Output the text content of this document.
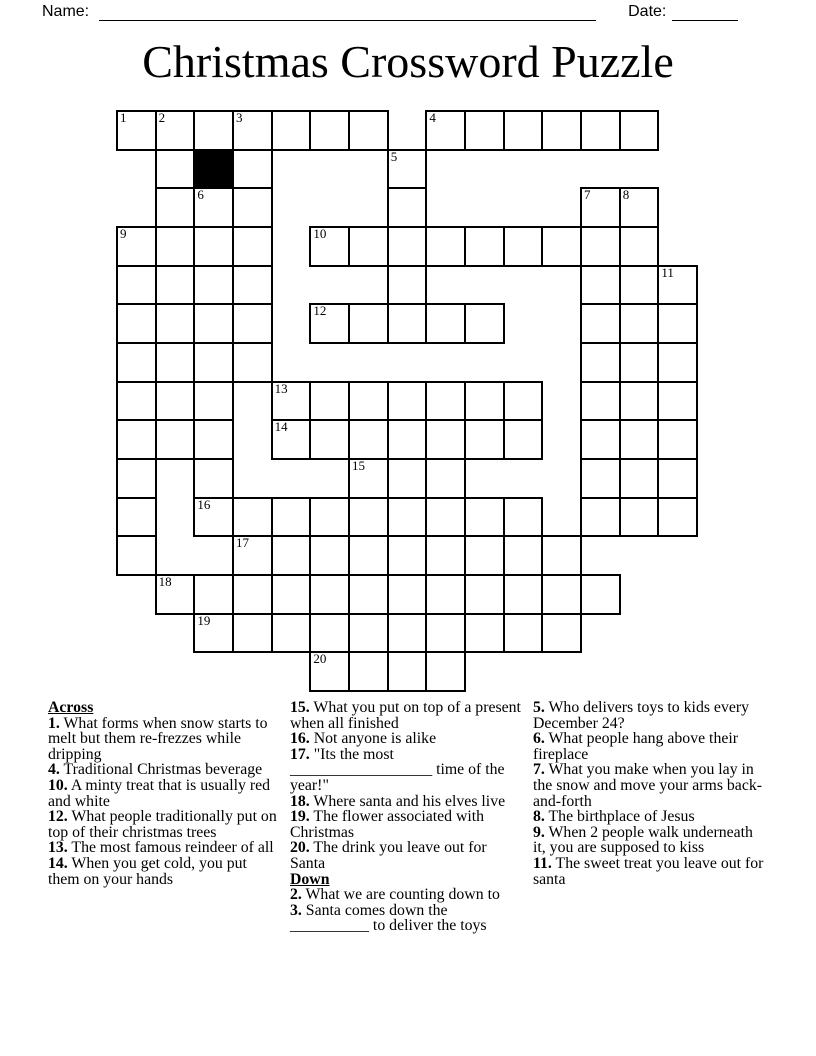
Name:	Date:
Christmas Crossword Puzzle
1 2	3	4
5
6	7 8
9	10
11
12
13
14
15
16
17
18
19
20
Across
1. What forms when snow starts to melt but them re-frezzes while dripping
4. Traditional Christmas beverage
10. A minty treat that is usually red and white
12. What people traditionally put on top of their christmas trees
13. The most famous reindeer of all
14. When you get cold, you put them on your hands
15. What you put on top of a present when all finished
16. Not anyone is alike
17. "Its the most __________________ time of the year!"
18. Where santa and his elves live
19. The flower associated with Christmas
20. The drink you leave out for Santa
Down
2. What we are counting down to
3. Santa comes down the __________ to deliver the toys
5. Who delivers toys to kids every December 24?
6. What people hang above their fireplace
7. What you make when you lay in the snow and move your arms back-and-forth
8. The birthplace of Jesus
9. When 2 people walk underneath it, you are supposed to kiss
11. The sweet treat you leave out for santa
